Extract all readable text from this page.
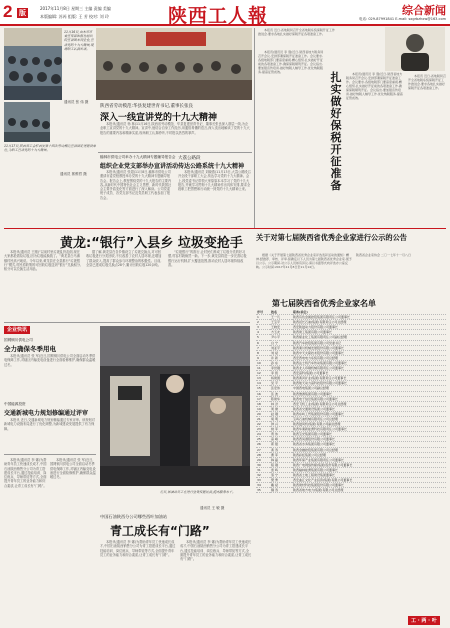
2 版
2017年11月8日 星期三 主编 责编 美编
本版编辑: 苏芮 组版: 王 芳 校对: 刘 玲	陕西工人報	综合新闻
电话: 029-87991841 E-mail: sxgrbzhxw@163.com
11月16日,由本市市委宣传部和报社组织的宣讲团来到企业,宣讲党的十九大精神,现场职工认真听讲。
通讯员 张 伟 摄
陕西省劳动模范:华县复建世青书记,董事长张良
深入一线宣讲党的十九大精神
11月17日,陕西省工会驻西安第十四次劳动模范宣讲团走进建设单位,为职工宣讲党的十九大精神。
通讯员 郭维哲 摄
本报讯(通讯员 杨 林)11月16日,陕西省劳动模范、华县复建世青书记、董事长张良深入基层一线,为企业职工宣讲党的十九大精神。宣讲中,他结合自身工作经历,用通俗易懂的语言,深入浅出地解读了党的十九大报告的重要内容和精神实质,现场职工认真聆听,不时报以热烈的掌声。
榆林市供电公司举办十九大精神专题辅导报告会
组织企业党支部举办宣讲活动
本报讯(通讯员 张超)11月8日,榆林市供电公司邀请市委党校教授举办党的十九大精神专题辅导报告会。报告会上,教授围绕党的十九大报告的主要内容,从新时代中国特色社会主义思想、新时代我国社会主要矛盾变化等方面进行了深入解读。公司党委班子成员、各党支部书记及党员职工代表参加了报告会。
大荔公路段
传达公路系统十九大精神
本报讯(通讯员 刘晓燕)11月13日,大荔公路段召开全段干部职工大会,传达学习党的十九大精神。会上,段党委书记带领大家原原本本学习了党的十九大报告,并就学习贯彻十九大精神作出具体安排,要求全段职工把思想和行动统一到党的十九大精神上来。
本报讯 近日,省地税局召开全省地税系统保税开征工作推进会,要求各地扎实做好保税开征各项准备工作。
本报讯(通讯员 李 强)近日,陕西省地方税务局召开会议,安排部署保税开征准备工作。会议要求,各级地税部门要高度重视,精心组织,扎实做好开征前的各项准备工作,确保保税顺利开征。会议指出,要加强宣传培训,做好纳税人辅导工作,优化纳税服务,提高征管质效。	扎实做好保税开征准备
本报讯(通讯员 李 强)近日,陕西省地方税务局召开会议,安排部署保税开征准备工作。会议要求,各级地税部门要高度重视,精心组织,扎实做好开征前的各项准备工作,确保保税顺利开征。会议指出,要加强宣传培训,做好纳税人辅导工作,优化纳税服务,提高征管质效。
本报讯 近日,省地税局召开全省地税系统保税开征工作推进会,要求各地扎实做好保税开征各项准备工作。
黄龙:“银行”入县乡 垃圾变抢手
本报讯(通讯员 王刚)“以前村里垃圾乱扔乱倒,现在大家都抢着捡垃圾,因为垃圾能换钱了。”黄龙县白马滩镇村民高兴地说。今年以来,黄龙县在全县推行“垃圾银行”模式,村民将收集的可回收垃圾送到“银行”兑换积分,积分可以兑换生活用品。
据了解,黄龙县在各乡镇设立了垃圾兑换点,对可回收垃圾进行分类回收,不仅改善了农村人居环境,还增加了群众收入,提高了群众参与环境整治的积极性。目前,全县已建成垃圾兑换点28个,累计回收垃圾120余吨。
“垃圾银行”的推行,让村民们养成了垃圾分类的好习惯,村容村貌焕然一新。下一步,黄龙县将进一步完善垃圾银行运行机制,扩大覆盖范围,推动农村人居环境持续改善。
关于对第七届陕西省优秀企业家进行公示的公告
根据《关于开展第七届陕西省优秀企业家评选表彰活动的通知》精神,经推荐、审核、评审,拟确定以下人员为第七届陕西省优秀企业家,现予以公示。公示期间,对公示人员如有异议,请以书面形式向评选办公室反映。公示时间:2017年11月8日至11月14日。
陕西省企业家协会 二〇一七年十一月八日
第七届陕西省优秀企业家名单
序号	姓名	职务(单位)
1	王一凡	陕西有色金属控股集团有限责任公司董事长
2	王宝平	陕西延长石油(集团)有限责任公司总经理
3	王晓安	西安陕鼓动力股份有限公司董事长
4	方玉友	陕西建工集团有限公司董事长
5	尹小平	陕西煤业化工集团有限责任公司副总经理
6	白 宁	陕西汽车控股集团有限公司党委书记
7	刘亚平	陕西秦川机械发展股份有限公司董事长
8	刘 斌	陕西中天火箭技术股份有限公司董事长
9	许 新	西安西电电力系统有限公司总经理
10	孙 东	陕西法士特汽车传动集团有限公司董事长
11	李世刚	陕西北人印刷机械有限责任公司董事长
12	李 毅	西安高科(集团)公司董事长
13	杨建国	陕西黄河矿业(集团)有限责任公司董事长
14	吴 平	陕西航天动力高科技股份有限公司董事长
15	张宏伟	中国西电集团公司副总经理
16	张 波	陕西旅游集团有限公司董事长
17	陈建华	陕西电子信息集团有限公司董事长
18	林 洪	西安飞机工业(集团)有限责任公司总经理
19	周 健	陕西省交通建设集团公司董事长
20	赵 刚	陕西东岭工贸集团股份有限公司董事长
21	胡 明	宝鸡石油机械有限责任公司总经理
22	钟 兴	陕西鼓风机(集团)有限公司副总经理
23	姚 军	陕西华秦新能源科技有限责任公司董事长
24	贾 伟	陕西宝光集团有限公司董事长
25	高 峰	陕西西凤酒股份有限公司董事长
26	郭 强	陕西省水务集团有限公司董事长
27	黄 涛	陕西金融控股集团有限公司总经理
28	曹 军	陕西彩虹集团公司总经理
29	韩 磊	陕西环保产业集团有限责任公司董事长
30	程 刚	陕西广电网络传媒(集团)股份有限公司董事长
31	雷 鸣	陕西榆林能源集团有限公司董事长
32	蔡 宁	陕西省土地工程建设集团董事长
33	樊 勇	西安曲江文化产业投资(集团)有限公司董事长
34	戴 斌	陕西建材科技集团股份有限公司董事长
35	魏 涛	陕西省地方电力(集团)有限公司总经理
企业快讯
国网铜川供电公司
全力确保冬季用电
本报讯(通讯员 张 军)近日,国网铜川供电公司全面启动冬季供电保障工作,对辖区内输变电设备进行全面检修维护,确保群众温暖过冬。
中国能源投资
交通新城电力规划修编通过评审
本报讯 近日,交通新城电力规划修编通过专家评审。该规划对新城电力设施布局进行了优化调整,为新城建设发展提供了有力保障。
本报讯(通讯员 李 娜)为帮助青年员工快速成长成才,中国石油陕西销售分公司为青工搭建成长平台,通过技能培训、岗位练兵、导师带徒等方式,全面提升青年员工的业务能力和综合素质,让青工成长有“门路”。
本报讯(通讯员 张 军)近日,国网铜川供电公司全面启动冬季供电保障工作,对辖区内输变电设备进行全面检修维护,确保群众温暖过冬。
近日,加油站员工在进行业务技能比武,提高服务水平。
通讯员 王 敏 摄
中国石油陕西分公司哪些西叶加油站
青工成长有“门路”
本报讯(通讯员 李 娜)为帮助青年员工快速成长成才,中国石油陕西销售分公司为青工搭建成长平台,通过技能培训、岗位练兵、导师带徒等方式,全面提升青年员工的业务能力和综合素质,让青工成长有“门路”。
本报讯(通讯员 李 娜)为帮助青年员工快速成长成才,中国石油陕西销售分公司为青工搭建成长平台,通过技能培训、岗位练兵、导师带徒等方式,全面提升青年员工的业务能力和综合素质,让青工成长有“门路”。
工 · 两 · 叶
